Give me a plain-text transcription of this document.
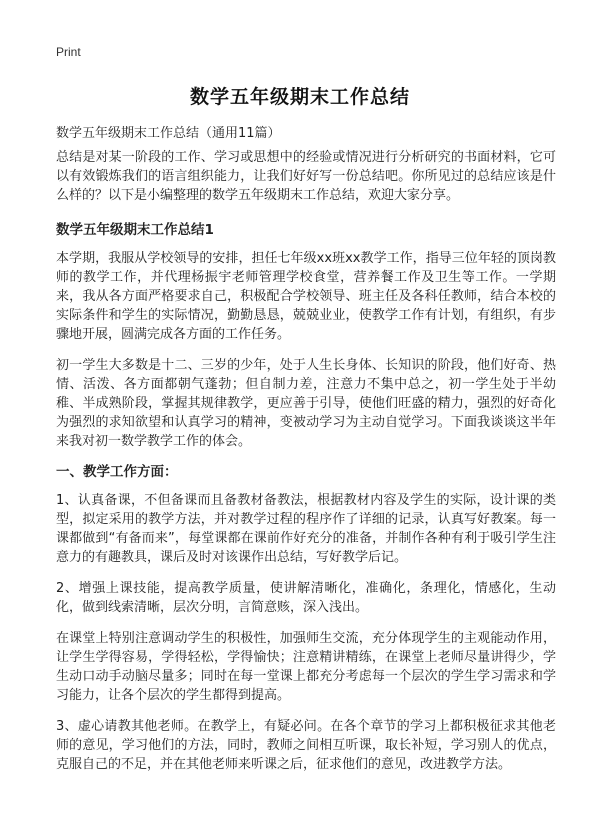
Print
数学五年级期末工作总结
数学五年级期末工作总结（通用11篇）

总结是对某一阶段的工作、学习或思想中的经验或情况进行分析研究的书面材料，它可以有效锻炼我们的语言组织能力，让我们好好写一份总结吧。你所见过的总结应该是什么样的？以下是小编整理的数学五年级期末工作总结，欢迎大家分享。

数学五年级期末工作总结1

本学期，我服从学校领导的安排，担任七年级xx班xx教学工作，指导三位年轻的顶岗教师的教学工作，并代理杨振宇老师管理学校食堂，营养餐工作及卫生等工作。一学期来，我从各方面严格要求自己，积极配合学校领导、班主任及各科任教师，结合本校的实际条件和学生的实际情况，勤勤恳恳，兢兢业业，使教学工作有计划，有组织，有步骤地开展，圆满完成各方面的工作任务。

初一学生大多数是十二、三岁的少年，处于人生长身体、长知识的阶段，他们好奇、热情、活泼、各方面都朝气蓬勃；但自制力差，注意力不集中总之，初一学生处于半幼稚、半成熟阶段，掌握其规律教学，更应善于引导，使他们旺盛的精力，强烈的好奇化为强烈的求知欲望和认真学习的精神，变被动学习为主动自觉学习。下面我谈谈这半年来我对初一数学教学工作的体会。

一、教学工作方面：

1、认真备课，不但备课而且备教材备教法，根据教材内容及学生的实际，设计课的类型，拟定采用的教学方法，并对教学过程的程序作了详细的记录，认真写好教案。每一课都做到“有备而来”，每堂课都在课前作好充分的准备，并制作各种有利于吸引学生注意力的有趣教具，课后及时对该课作出总结，写好教学后记。

2、增强上课技能，提高教学质量，使讲解清晰化，准确化，条理化，情感化，生动化，做到线索清晰，层次分明，言简意赅，深入浅出。

在课堂上特别注意调动学生的积极性，加强师生交流，充分体现学生的主观能动作用，让学生学得容易，学得轻松，学得愉快；注意精讲精练，在课堂上老师尽量讲得少，学生动口动手动脑尽量多；同时在每一堂课上都充分考虑每一个层次的学生学习需求和学习能力，让各个层次的学生都得到提高。

3、虚心请教其他老师。在教学上，有疑必问。在各个章节的学习上都积极征求其他老师的意见，学习他们的方法，同时，教师之间相互听课，取长补短，学习别人的优点，克服自己的不足，并在其他老师来听课之后，征求他们的意见，改进教学方法。
